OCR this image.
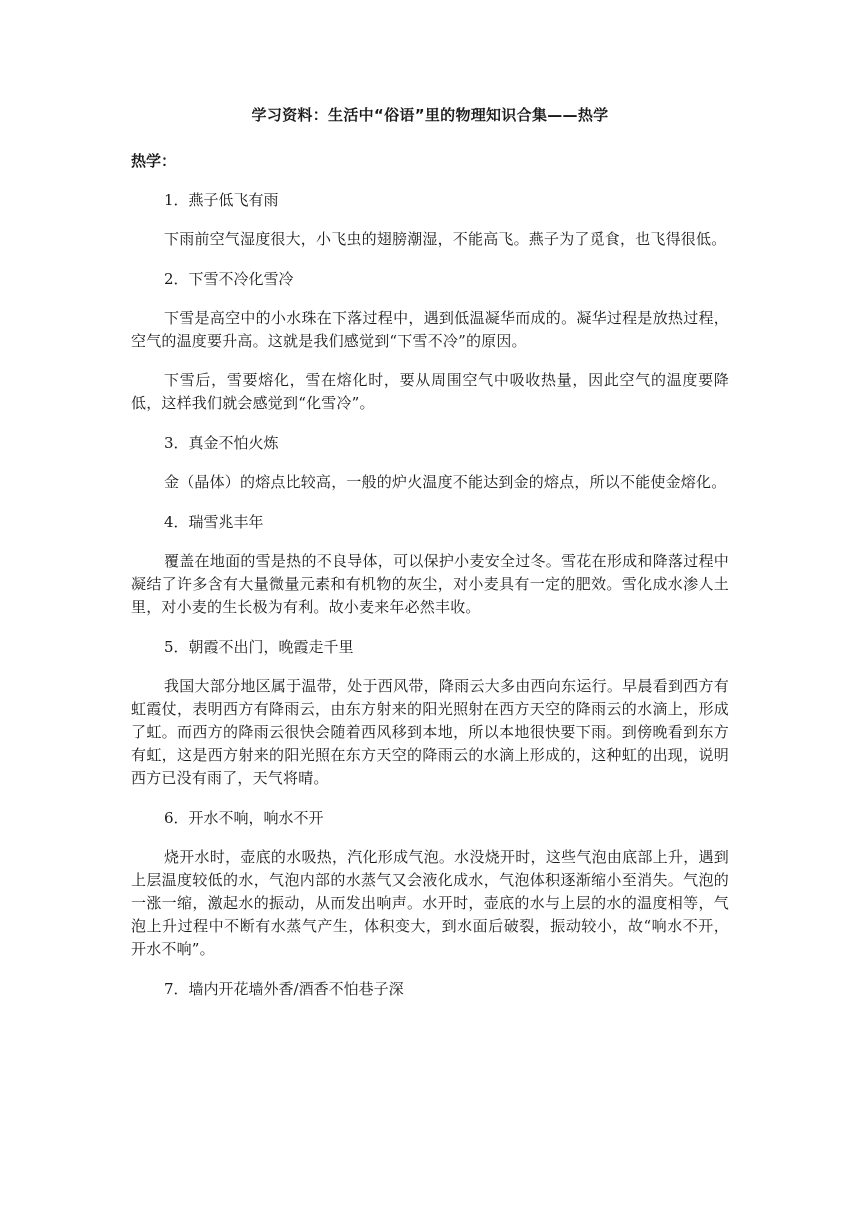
学习资料：生活中“俗语”里的物理知识合集——热学
热学：
1．燕子低飞有雨

下雨前空气湿度很大，小飞虫的翅膀潮湿，不能高飞。燕子为了觅食，也飞得很低。

2．下雪不冷化雪冷

下雪是高空中的小水珠在下落过程中，遇到低温凝华而成的。凝华过程是放热过程，空气的温度要升高。这就是我们感觉到“下雪不冷”的原因。

下雪后，雪要熔化，雪在熔化时，要从周围空气中吸收热量，因此空气的温度要降低，这样我们就会感觉到“化雪冷”。

3．真金不怕火炼

金（晶体）的熔点比较高，一般的炉火温度不能达到金的熔点，所以不能使金熔化。

4．瑞雪兆丰年

覆盖在地面的雪是热的不良导体，可以保护小麦安全过冬。雪花在形成和降落过程中凝结了许多含有大量微量元素和有机物的灰尘，对小麦具有一定的肥效。雪化成水渗人土里，对小麦的生长极为有利。故小麦来年必然丰收。

5．朝霞不出门，晚霞走千里

我国大部分地区属于温带，处于西风带，降雨云大多由西向东运行。早晨看到西方有虹霞仗，表明西方有降雨云，由东方射来的阳光照射在西方天空的降雨云的水滴上，形成了虹。而西方的降雨云很快会随着西风移到本地，所以本地很快要下雨。到傍晚看到东方有虹，这是西方射来的阳光照在东方天空的降雨云的水滴上形成的，这种虹的出现，说明西方已没有雨了，天气将晴。

6．开水不响，响水不开

烧开水时，壶底的水吸热，汽化形成气泡。水没烧开时，这些气泡由底部上升，遇到上层温度较低的水，气泡内部的水蒸气又会液化成水，气泡体积逐渐缩小至消失。气泡的一涨一缩，激起水的振动，从而发出响声。水开时，壶底的水与上层的水的温度相等，气泡上升过程中不断有水蒸气产生，体积变大，到水面后破裂，振动较小，故“响水不开，开水不响”。

7．墙内开花墙外香/酒香不怕巷子深
